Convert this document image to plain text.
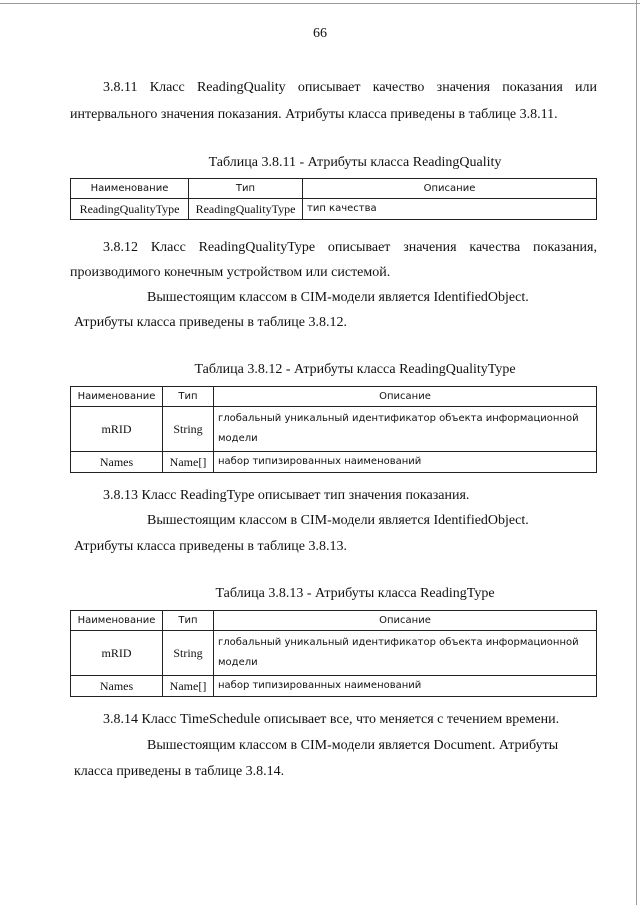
66

3.8.11 Класс ReadingQuality описывает качество значения показания или

интервального значения показания. Атрибуты класса приведены в таблице 3.8.11.

Таблица 3.8.11 - Атрибуты класса ReadingQuality
Наименование	Тип	Описание
ReadingQualityType	ReadingQualityType	тип качества

3.8.12 Класс ReadingQualityType описывает значения качества показания,

производимого конечным устройством или системой.

Вышестоящим классом в CIM-модели является IdentifiedObject.

Атрибуты класса приведены в таблице 3.8.12.

Таблица 3.8.12 - Атрибуты класса ReadingQualityType
Наименование	Тип	Описание
mRID	String	глобальный уникальный идентификатор объекта информационной модели
Names	Name[]	набор типизированных наименований

3.8.13 Класс ReadingType описывает тип значения показания.

Вышестоящим классом в CIM-модели является IdentifiedObject.

Атрибуты класса приведены в таблице 3.8.13.

Таблица 3.8.13 - Атрибуты класса ReadingType
Наименование	Тип	Описание
mRID	String	глобальный уникальный идентификатор объекта информационной модели
Names	Name[]	набор типизированных наименований

3.8.14 Класс TimeSchedule описывает все, что меняется с течением времени.

Вышестоящим классом в CIM-модели является Document. Атрибуты

класса приведены в таблице 3.8.14.
